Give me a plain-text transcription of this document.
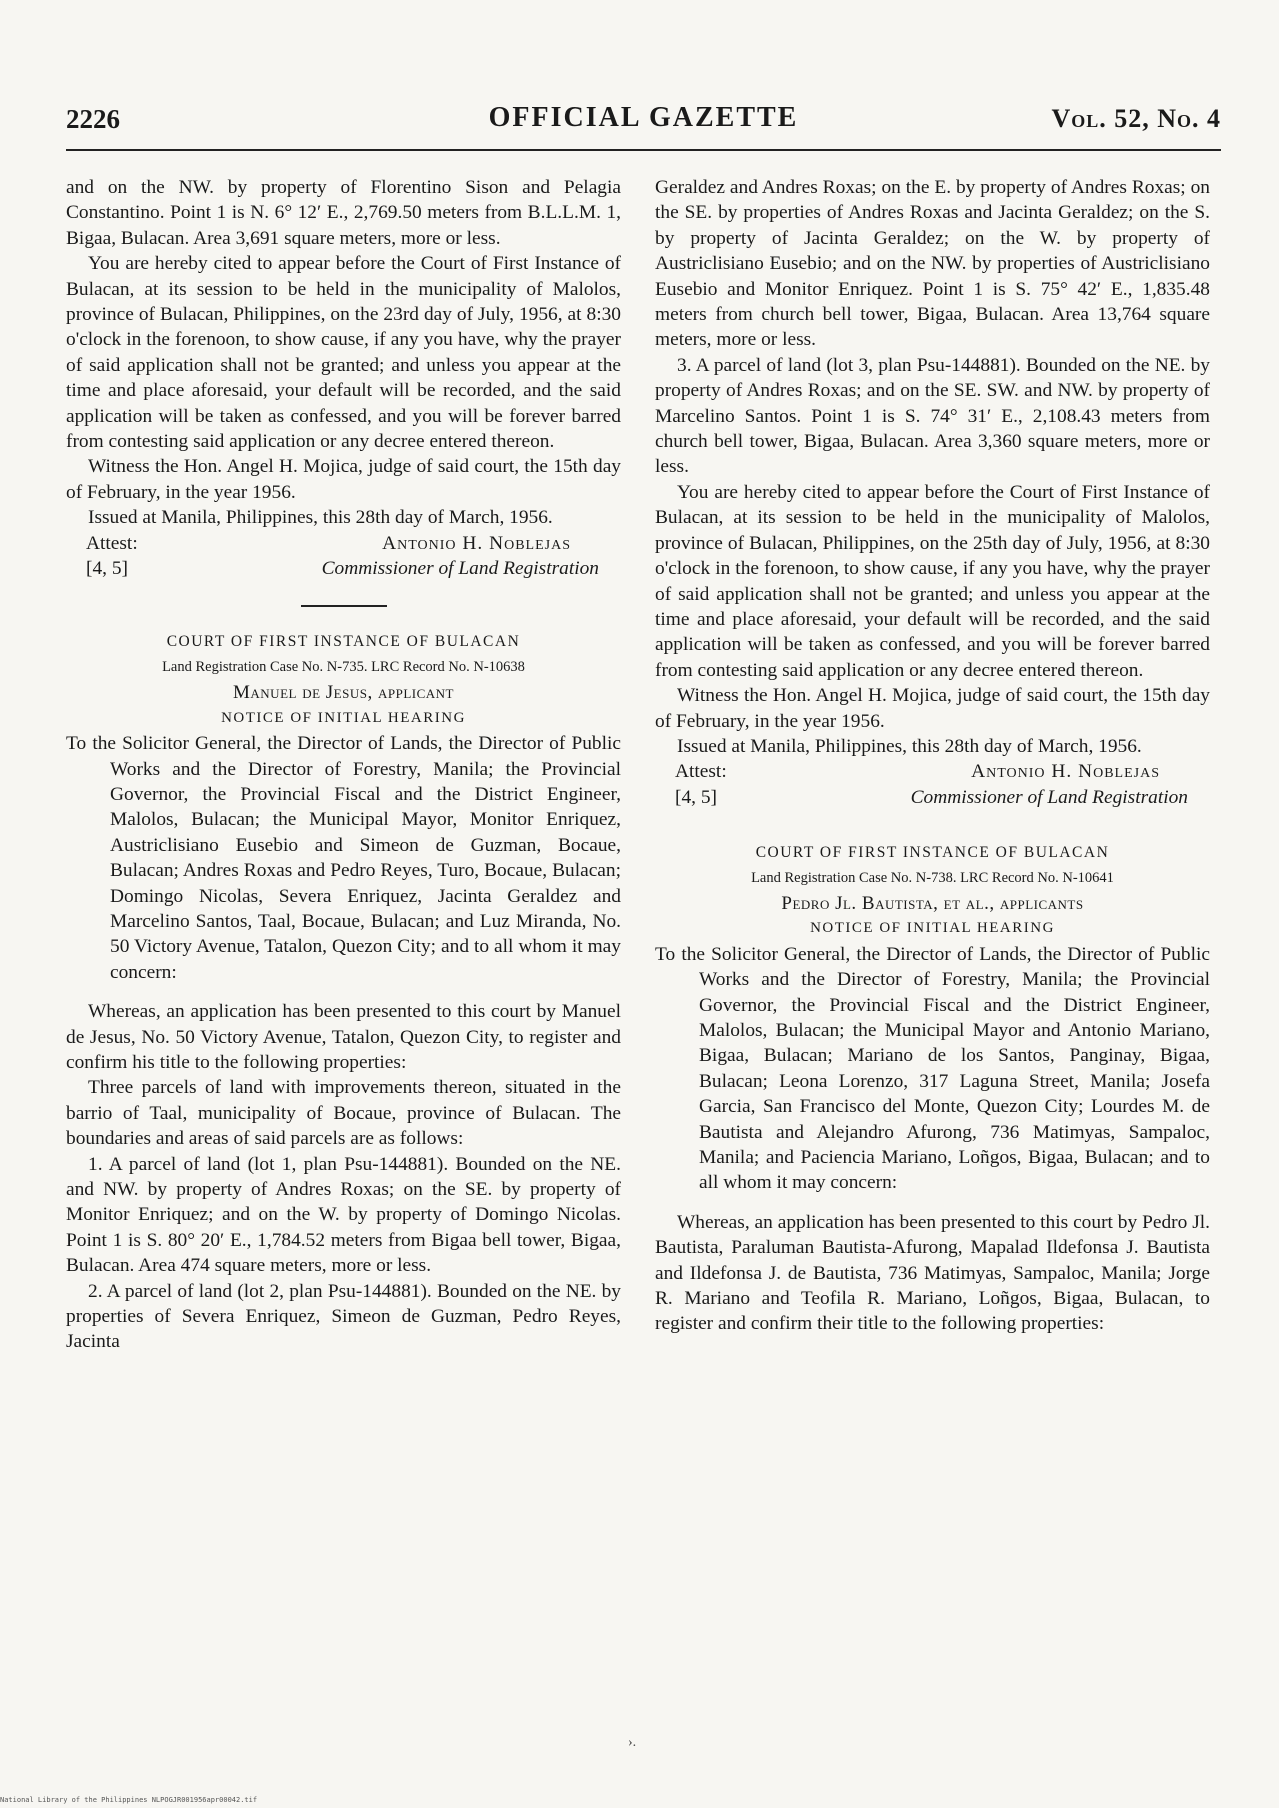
2226	OFFICIAL GAZETTE	Vol. 52, No. 4

and on the NW. by property of Florentino Sison and Pelagia Constantino. Point 1 is N. 6° 12′ E., 2,769.50 meters from B.L.L.M. 1, Bigaa, Bulacan. Area 3,691 square meters, more or less.

You are hereby cited to appear before the Court of First Instance of Bulacan, at its session to be held in the municipality of Malolos, province of Bulacan, Philippines, on the 23rd day of July, 1956, at 8:30 o'clock in the forenoon, to show cause, if any you have, why the prayer of said application shall not be granted; and unless you appear at the time and place aforesaid, your default will be recorded, and the said application will be taken as confessed, and you will be forever barred from contesting said application or any decree entered thereon.

Witness the Hon. Angel H. Mojica, judge of said court, the 15th day of February, in the year 1956.

Issued at Manila, Philippines, this 28th day of March, 1956.

Attest:	Antonio H. Noblejas
[4, 5]	Commissioner of Land Registration

COURT OF FIRST INSTANCE OF BULACAN

Land Registration Case No. N-735. LRC Record No. N-10638

Manuel de Jesus, applicant

NOTICE OF INITIAL HEARING

To the Solicitor General, the Director of Lands, the Director of Public Works and the Director of Forestry, Manila; the Provincial Governor, the Provincial Fiscal and the District Engineer, Malolos, Bulacan; the Municipal Mayor, Monitor Enriquez, Austriclisiano Eusebio and Simeon de Guzman, Bocaue, Bulacan; Andres Roxas and Pedro Reyes, Turo, Bocaue, Bulacan; Domingo Nicolas, Severa Enriquez, Jacinta Geraldez and Marcelino Santos, Taal, Bocaue, Bulacan; and Luz Miranda, No. 50 Victory Avenue, Tatalon, Quezon City; and to all whom it may concern:

Whereas, an application has been presented to this court by Manuel de Jesus, No. 50 Victory Avenue, Tatalon, Quezon City, to register and confirm his title to the following properties:

Three parcels of land with improvements thereon, situated in the barrio of Taal, municipality of Bocaue, province of Bulacan. The boundaries and areas of said parcels are as follows:

1. A parcel of land (lot 1, plan Psu-144881). Bounded on the NE. and NW. by property of Andres Roxas; on the SE. by property of Monitor Enriquez; and on the W. by property of Domingo Nicolas. Point 1 is S. 80° 20′ E., 1,784.52 meters from Bigaa bell tower, Bigaa, Bulacan. Area 474 square meters, more or less.

2. A parcel of land (lot 2, plan Psu-144881). Bounded on the NE. by properties of Severa Enriquez, Simeon de Guzman, Pedro Reyes, Jacinta

Geraldez and Andres Roxas; on the E. by property of Andres Roxas; on the SE. by properties of Andres Roxas and Jacinta Geraldez; on the S. by property of Jacinta Geraldez; on the W. by property of Austriclisiano Eusebio; and on the NW. by properties of Austriclisiano Eusebio and Monitor Enriquez. Point 1 is S. 75° 42′ E., 1,835.48 meters from church bell tower, Bigaa, Bulacan. Area 13,764 square meters, more or less.

3. A parcel of land (lot 3, plan Psu-144881). Bounded on the NE. by property of Andres Roxas; and on the SE. SW. and NW. by property of Marcelino Santos. Point 1 is S. 74° 31′ E., 2,108.43 meters from church bell tower, Bigaa, Bulacan. Area 3,360 square meters, more or less.

You are hereby cited to appear before the Court of First Instance of Bulacan, at its session to be held in the municipality of Malolos, province of Bulacan, Philippines, on the 25th day of July, 1956, at 8:30 o'clock in the forenoon, to show cause, if any you have, why the prayer of said application shall not be granted; and unless you appear at the time and place aforesaid, your default will be recorded, and the said application will be taken as confessed, and you will be forever barred from contesting said application or any decree entered thereon.

Witness the Hon. Angel H. Mojica, judge of said court, the 15th day of February, in the year 1956.

Issued at Manila, Philippines, this 28th day of March, 1956.

Attest:	Antonio H. Noblejas
[4, 5]	Commissioner of Land Registration

COURT OF FIRST INSTANCE OF BULACAN

Land Registration Case No. N-738. LRC Record No. N-10641

Pedro Jl. Bautista, et al., applicants

NOTICE OF INITIAL HEARING

To the Solicitor General, the Director of Lands, the Director of Public Works and the Director of Forestry, Manila; the Provincial Governor, the Provincial Fiscal and the District Engineer, Malolos, Bulacan; the Municipal Mayor and Antonio Mariano, Bigaa, Bulacan; Mariano de los Santos, Panginay, Bigaa, Bulacan; Leona Lorenzo, 317 Laguna Street, Manila; Josefa Garcia, San Francisco del Monte, Quezon City; Lourdes M. de Bautista and Alejandro Afurong, 736 Matimyas, Sampaloc, Manila; and Paciencia Mariano, Loñgos, Bigaa, Bulacan; and to all whom it may concern:

Whereas, an application has been presented to this court by Pedro Jl. Bautista, Paraluman Bautista-Afurong, Mapalad Ildefonsa J. Bautista and Ildefonsa J. de Bautista, 736 Matimyas, Sampaloc, Manila; Jorge R. Mariano and Teofila R. Mariano, Loñgos, Bigaa, Bulacan, to register and confirm their title to the following properties:

›.
National Library of the Philippines NLPOGJR001956apr00042.tif
